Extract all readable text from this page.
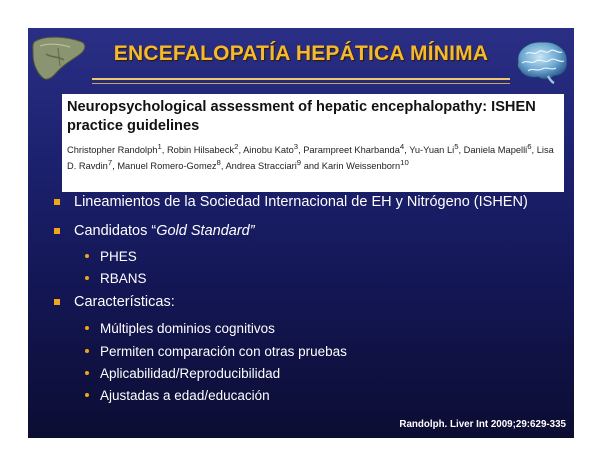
ENCEFALOPATÍA HEPÁTICA MÍNIMA
Neuropsychological assessment of hepatic encephalopathy: ISHEN practice guidelines
Christopher Randolph$^1$, Robin Hilsabeck$^2$, Ainobu Kato$^3$, Parampreet Kharbanda$^4$, Yu-Yuan Li$^5$, Daniela Mapelli$^6$, Lisa D. Ravdin$^7$, Manuel Romero-Gomez$^8$, Andrea Stracciari$^9$ and Karin Weissenborn$^{10}$
Lineamientos de la Sociedad Internacional de EH y Nitrógeno (ISHEN)
Candidatos “Gold Standard”
PHES
RBANS
Características:
Múltiples dominios cognitivos
Permiten comparación con otras pruebas
Aplicabilidad/Reproducibilidad
Ajustadas a edad/educación
Randolph. Liver Int 2009;29:629-335
